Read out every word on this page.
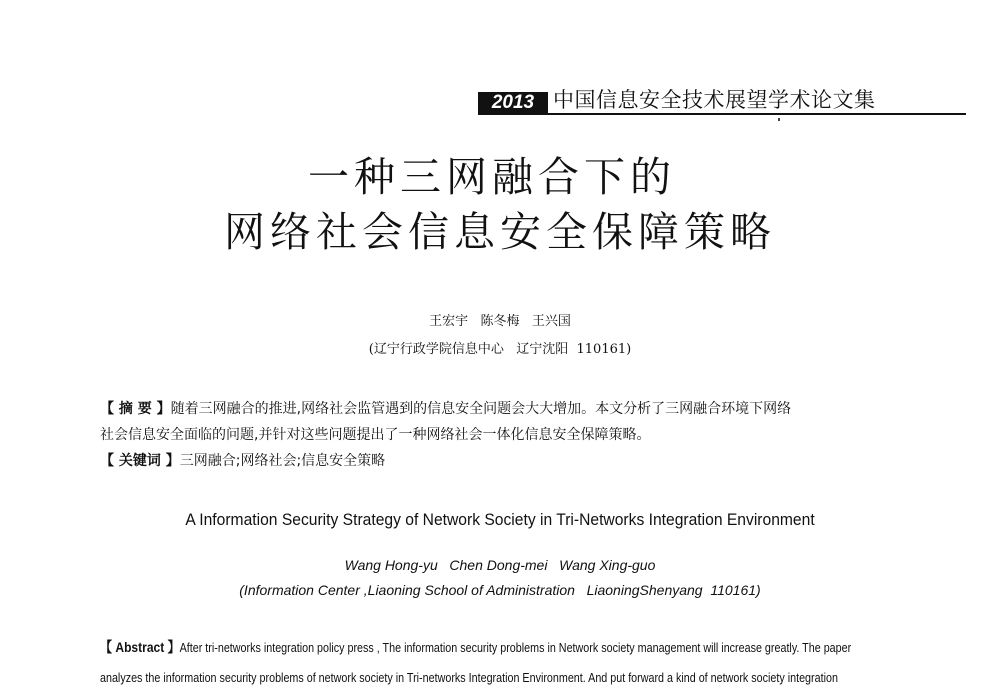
2013 中国信息安全技术展望学术论文集
一种三网融合下的
网络社会信息安全保障策略
王宏宇   陈冬梅   王兴国
(辽宁行政学院信息中心   辽宁沈阳  110161)

【 摘 要 】随着三网融合的推进,网络社会监管遇到的信息安全问题会大大增加。本文分析了三网融合环境下网络

社会信息安全面临的问题,并针对这些问题提出了一种网络社会一体化信息安全保障策略。

【 关键词 】三网融合;网络社会;信息安全策略

A Information Security Strategy of Network Society in Tri-Networks Integration Environment
Wang Hong-yu   Chen Dong-mei   Wang Xing-guo
(Information Center ,Liaoning School of Administration   LiaoningShenyang  110161)

【 Abstract 】After tri-networks integration policy press , The information security problems in Network society management will increase greatly. The paper

analyzes the information security problems of network society in Tri-networks Integration Environment. And put forward a kind of network society integration
